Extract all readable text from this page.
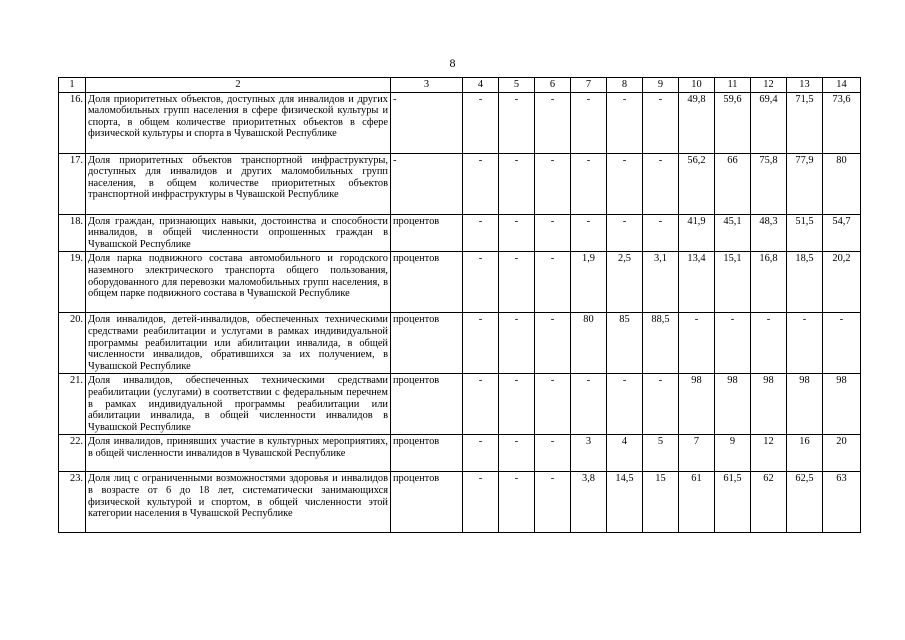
8
1	2	3	4	5	6	7	8	9	10	11	12	13	14
16.	Доля приоритетных объектов, доступных для инвалидов и других маломобильных групп населения в сфере физической культуры и спорта, в общем количестве приоритетных объектов в сфере физической культуры и спорта в Чувашской Республике	-	-	-	-	-	-	-	49,8	59,6	69,4	71,5	73,6
17.	Доля приоритетных объектов транспортной инфраструктуры, доступных для инвалидов и других маломобильных групп населения, в общем количестве приоритетных объектов транспортной инфраструктуры в Чувашской Республике	-	-	-	-	-	-	-	56,2	66	75,8	77,9	80
18.	Доля граждан, признающих навыки, достоинства и способности инвалидов, в общей численности опрошенных граждан в Чувашской Республике	процентов	-	-	-	-	-	-	41,9	45,1	48,3	51,5	54,7
19.	Доля парка подвижного состава автомобильного и городского наземного электрического транспорта общего пользования, оборудованного для перевозки маломобильных групп населения, в общем парке подвижного состава в Чувашской Республике	процентов	-	-	-	1,9	2,5	3,1	13,4	15,1	16,8	18,5	20,2
20.	Доля инвалидов, детей-инвалидов, обеспеченных техническими средствами реабилитации и услугами в рамках индивидуальной программы реабилитации или абилитации инвалида, в общей численности инвалидов, обратившихся за их получением, в Чувашской Республике	процентов	-	-	-	80	85	88,5	-	-	-	-	-
21.	Доля инвалидов, обеспеченных техническими средствами реабилитации (услугами) в соответствии с федеральным перечнем в рамках индивидуальной программы реабилитации или абилитации инвалида, в общей численности инвалидов в Чувашской Республике	процентов	-	-	-	-	-	-	98	98	98	98	98
22.	Доля инвалидов, принявших участие в культурных мероприятиях, в общей численности инвалидов в Чувашской Республике	процентов	-	-	-	3	4	5	7	9	12	16	20
23.	Доля лиц с ограниченными возможностями здоровья и инвалидов в возрасте от 6 до 18 лет, систематически занимающихся физической культурой и спортом, в общей численности этой категории населения в Чувашской Республике	процентов	-	-	-	3,8	14,5	15	61	61,5	62	62,5	63
